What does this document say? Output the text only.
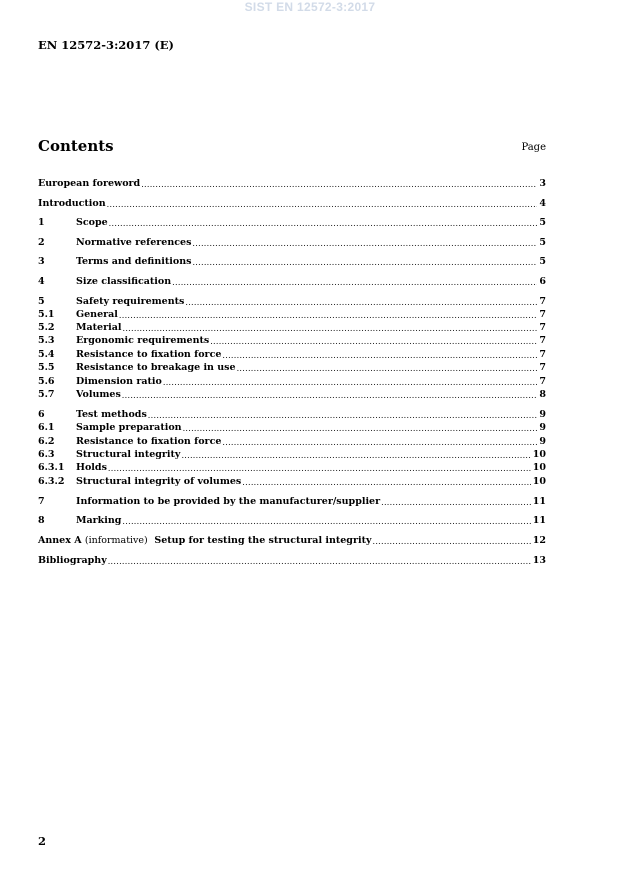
SIST EN 12572-3:2017
EN 12572-3:2017 (E)
Contents	Page
European foreword .....	3
Introduction .....	4
1	Scope .....	5
2	Normative references .....	5
3	Terms and definitions .....	5
4	Size classification .....	6
5	Safety requirements .....	7
5.1	General .....	7
5.2	Material .....	7
5.3	Ergonomic requirements .....	7
5.4	Resistance to fixation force .....	7
5.5	Resistance to breakage in use .....	7
5.6	Dimension ratio .....	7
5.7	Volumes .....	8
6	Test methods .....	9
6.1	Sample preparation .....	9
6.2	Resistance to fixation force .....	9
6.3	Structural integrity .....	10
6.3.1	Holds .....	10
6.3.2	Structural integrity of volumes .....	10
7	Information to be provided by the manufacturer/supplier .....	11
8	Marking .....	11
Annex A (informative) Setup for testing the structural integrity .....	12
Bibliography .....	13
2
